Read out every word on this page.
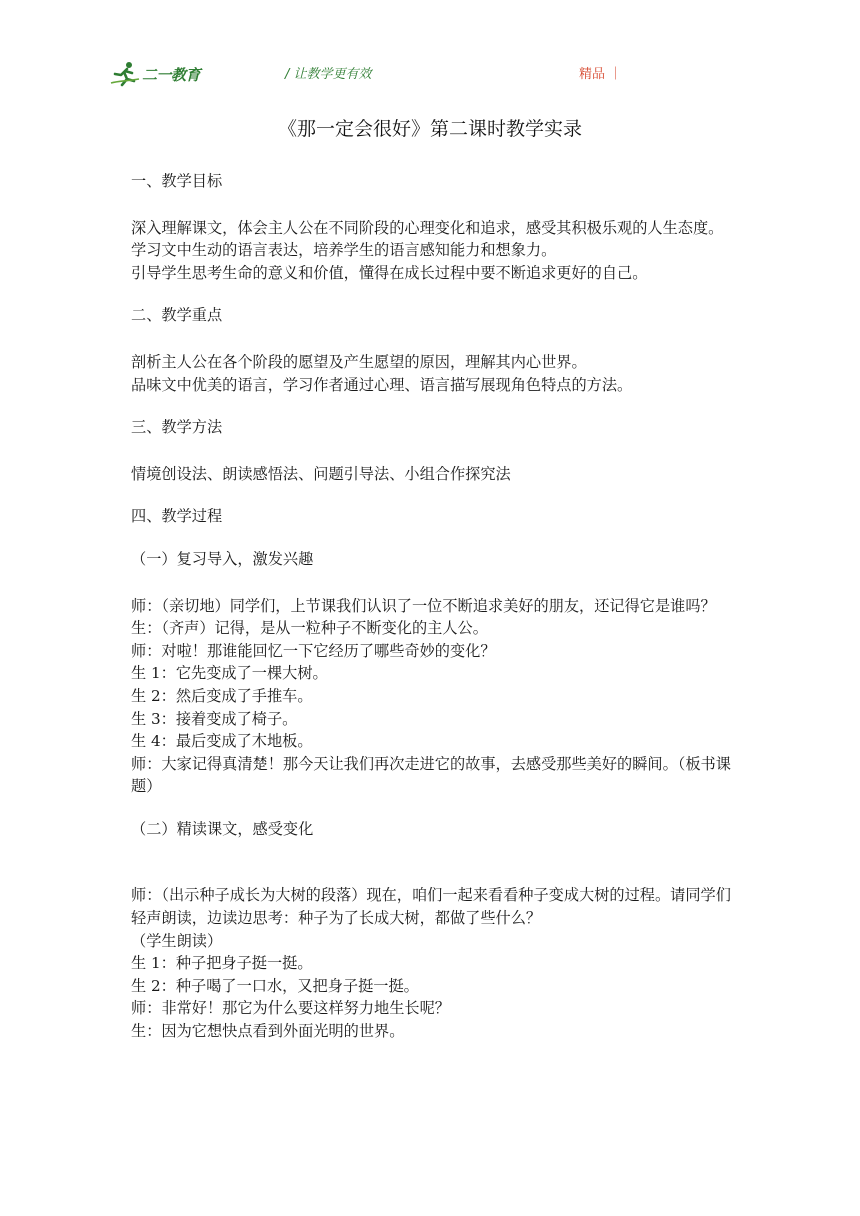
二一教育	/ 让教学更有效	精品 ｜
《那一定会很好》第二课时教学实录

一、教学目标

深入理解课文，体会主人公在不同阶段的心理变化和追求，感受其积极乐观的人生态度。

学习文中生动的语言表达，培养学生的语言感知能力和想象力。

引导学生思考生命的意义和价值，懂得在成长过程中要不断追求更好的自己。

二、教学重点

剖析主人公在各个阶段的愿望及产生愿望的原因，理解其内心世界。

品味文中优美的语言，学习作者通过心理、语言描写展现角色特点的方法。

三、教学方法

情境创设法、朗读感悟法、问题引导法、小组合作探究法

四、教学过程

（一）复习导入，激发兴趣

师：（亲切地）同学们，上节课我们认识了一位不断追求美好的朋友，还记得它是谁吗？

生：（齐声）记得，是从一粒种子不断变化的主人公。

师：对啦！那谁能回忆一下它经历了哪些奇妙的变化？

生 1：它先变成了一棵大树。

生 2：然后变成了手推车。

生 3：接着变成了椅子。

生 4：最后变成了木地板。

师：大家记得真清楚！那今天让我们再次走进它的故事，去感受那些美好的瞬间。（板书课题）

（二）精读课文，感受变化

师：（出示种子成长为大树的段落）现在，咱们一起来看看种子变成大树的过程。请同学们轻声朗读，边读边思考：种子为了长成大树，都做了些什么？

（学生朗读）

生 1：种子把身子挺一挺。

生 2：种子喝了一口水，又把身子挺一挺。

师：非常好！那它为什么要这样努力地生长呢？

生：因为它想快点看到外面光明的世界。
